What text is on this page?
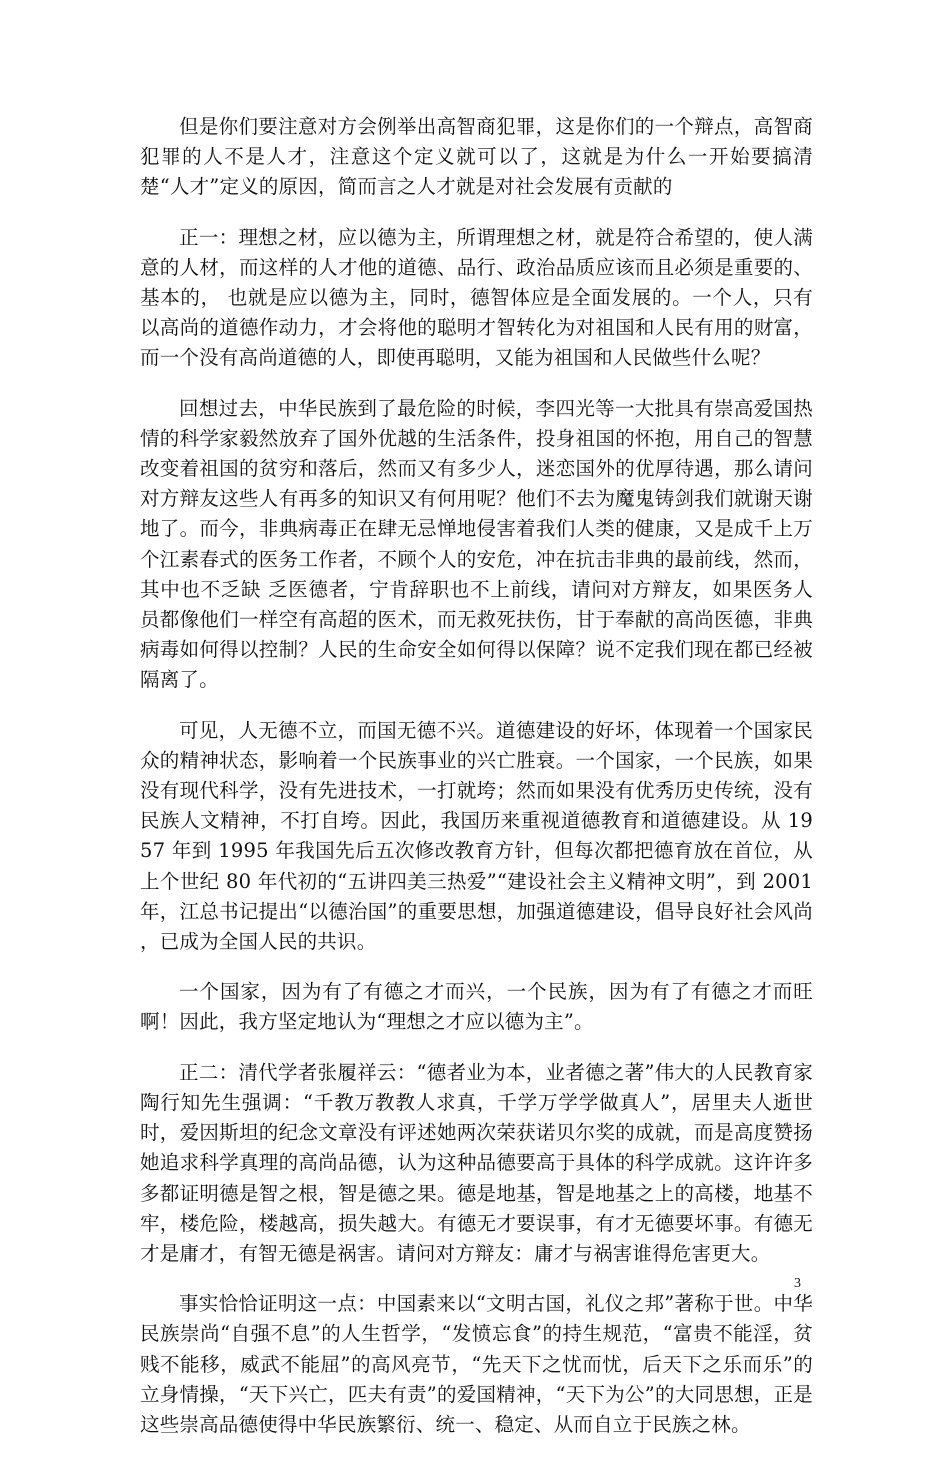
但是你们要注意对方会例举出高智商犯罪，这是你们的一个辩点，高智商犯罪的人不是人才，注意这个定义就可以了，这就是为什么一开始要搞清楚“人才”定义的原因，简而言之人才就是对社会发展有贡献的

正一：理想之材，应以德为主，所谓理想之材，就是符合希望的，使人满意的人材，而这样的人才他的道德、品行、政治品质应该而且必须是重要的、基本的， 也就是应以德为主，同时，德智体应是全面发展的。一个人，只有以高尚的道德作动力，才会将他的聪明才智转化为对祖国和人民有用的财富，而一个没有高尚道德的人，即使再聪明，又能为祖国和人民做些什么呢？

回想过去，中华民族到了最危险的时候，李四光等一大批具有崇高爱国热情的科学家毅然放弃了国外优越的生活条件，投身祖国的怀抱，用自己的智慧改变着祖国的贫穷和落后，然而又有多少人，迷恋国外的优厚待遇，那么请问对方辩友这些人有再多的知识又有何用呢？他们不去为魔鬼铸剑我们就谢天谢地了。而今，非典病毒正在肆无忌惮地侵害着我们人类的健康，又是成千上万个江素春式的医务工作者，不顾个人的安危，冲在抗击非典的最前线，然而，其中也不乏缺 乏医德者，宁肯辞职也不上前线，请问对方辩友，如果医务人员都像他们一样空有高超的医术，而无救死扶伤，甘于奉献的高尚医德，非典病毒如何得以控制？人民的生命安全如何得以保障？说不定我们现在都已经被隔离了。

可见，人无德不立，而国无德不兴。道德建设的好坏，体现着一个国家民众的精神状态，影响着一个民族事业的兴亡胜衰。一个国家，一个民族，如果没有现代科学，没有先进技术，一打就垮；然而如果没有优秀历史传统，没有民族人文精神，不打自垮。因此，我国历来重视道德教育和道德建设。从 1957 年到 1995 年我国先后五次修改教育方针，但每次都把德育放在首位，从上个世纪 80 年代初的“五讲四美三热爱”“建设社会主义精神文明”，到 2001 年，江总书记提出“以德治国”的重要思想，加强道德建设，倡导良好社会风尚 ，已成为全国人民的共识。

一个国家，因为有了有德之才而兴，一个民族，因为有了有德之才而旺啊！因此，我方坚定地认为“理想之才应以德为主”。

正二：清代学者张履祥云：“德者业为本，业者德之著”伟大的人民教育家陶行知先生强调：“千教万教教人求真，千学万学学做真人”，居里夫人逝世时，爱因斯坦的纪念文章没有评述她两次荣获诺贝尔奖的成就，而是高度赞扬她追求科学真理的高尚品德，认为这种品德要高于具体的科学成就。这许许多多都证明德是智之根，智是德之果。德是地基，智是地基之上的高楼，地基不牢，楼危险，楼越高，损失越大。有德无才要误事，有才无德要坏事。有德无才是庸才，有智无德是祸害。请问对方辩友：庸才与祸害谁得危害更大。

事实恰恰证明这一点：中国素来以“文明古国，礼仪之邦”著称于世。中华民族崇尚“自强不息”的人生哲学，“发愤忘食”的持生规范，“富贵不能淫，贫贱不能移，威武不能屈”的高风亮节，“先天下之忧而忧，后天下之乐而乐”的立身情操，“天下兴亡，匹夫有责”的爱国精神，“天下为公”的大同思想，正是这些崇高品德使得中华民族繁衍、统一、稳定、从而自立于民族之林。

3
